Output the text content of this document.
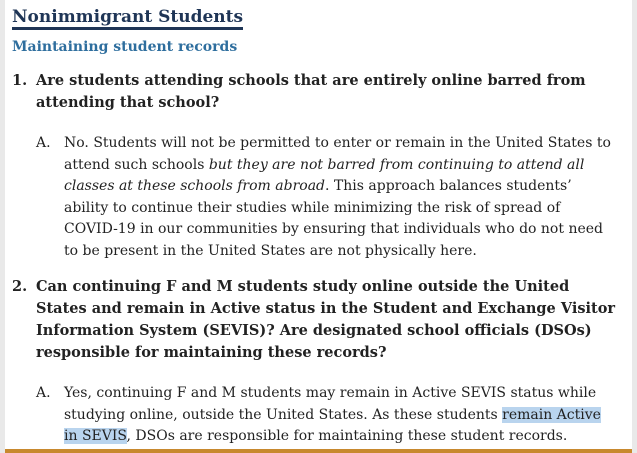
Nonimmigrant Students
Maintaining student records
1. Are students attending schools that are entirely online barred from attending that school?
A. No. Students will not be permitted to enter or remain in the United States to attend such schools but they are not barred from continuing to attend all classes at these schools from abroad. This approach balances students’ ability to continue their studies while minimizing the risk of spread of COVID-19 in our communities by ensuring that individuals who do not need to be present in the United States are not physically here.
2. Can continuing F and M students study online outside the United States and remain in Active status in the Student and Exchange Visitor Information System (SEVIS)? Are designated school officials (DSOs) responsible for maintaining these records?
A. Yes, continuing F and M students may remain in Active SEVIS status while studying online, outside the United States. As these students remain Active in SEVIS, DSOs are responsible for maintaining these student records.
